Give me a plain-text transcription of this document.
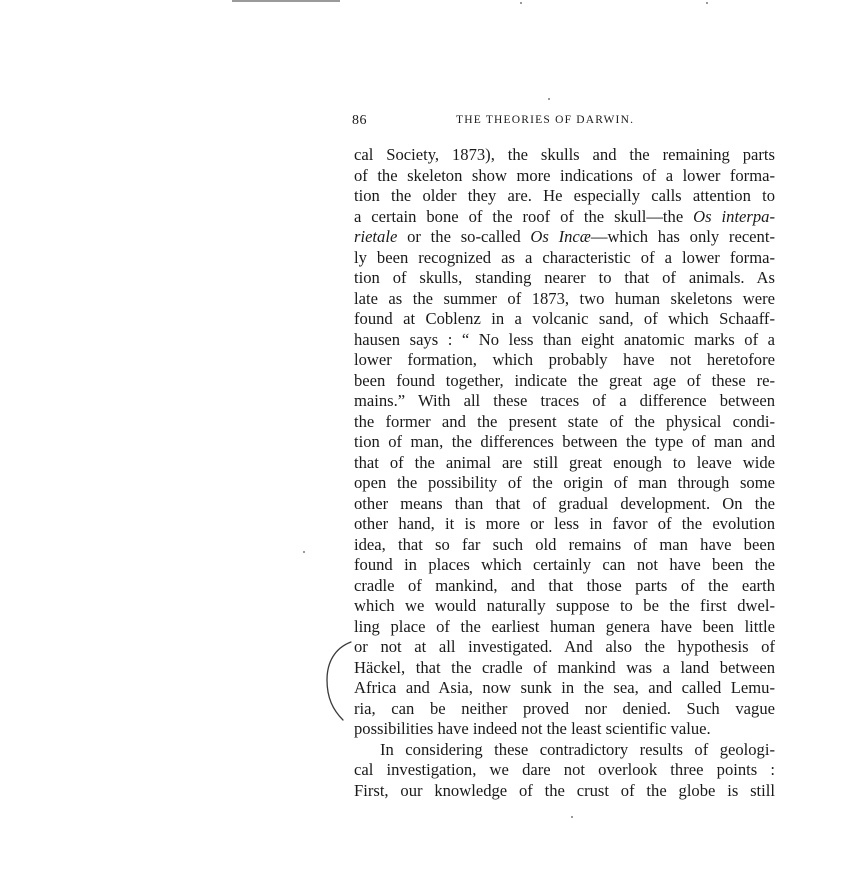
86	THE THEORIES OF DARWIN.
cal Society, 1873), the skulls and the remaining parts
of the skeleton show more indications of a lower forma-
tion the older they are. He especially calls attention to
a certain bone of the roof of the skull—the Os interpa-
rietale or the so-called Os Incæ—which has only recent-
ly been recognized as a characteristic of a lower forma-
tion of skulls, standing nearer to that of animals. As
late as the summer of 1873, two human skeletons were
found at Coblenz in a volcanic sand, of which Schaaff-
hausen says : “ No less than eight anatomic marks of a
lower formation, which probably have not heretofore
been found together, indicate the great age of these re-
mains.” With all these traces of a difference between
the former and the present state of the physical condi-
tion of man, the differences between the type of man and
that of the animal are still great enough to leave wide
open the possibility of the origin of man through some
other means than that of gradual development. On the
other hand, it is more or less in favor of the evolution
idea, that so far such old remains of man have been
found in places which certainly can not have been the
cradle of mankind, and that those parts of the earth
which we would naturally suppose to be the first dwel-
ling place of the earliest human genera have been little
or not at all investigated. And also the hypothesis of
Häckel, that the cradle of mankind was a land between
Africa and Asia, now sunk in the sea, and called Lemu-
ria, can be neither proved nor denied. Such vague
possibilities have indeed not the least scientific value.
In considering these contradictory results of geologi-
cal investigation, we dare not overlook three points :
First, our knowledge of the crust of the globe is still
